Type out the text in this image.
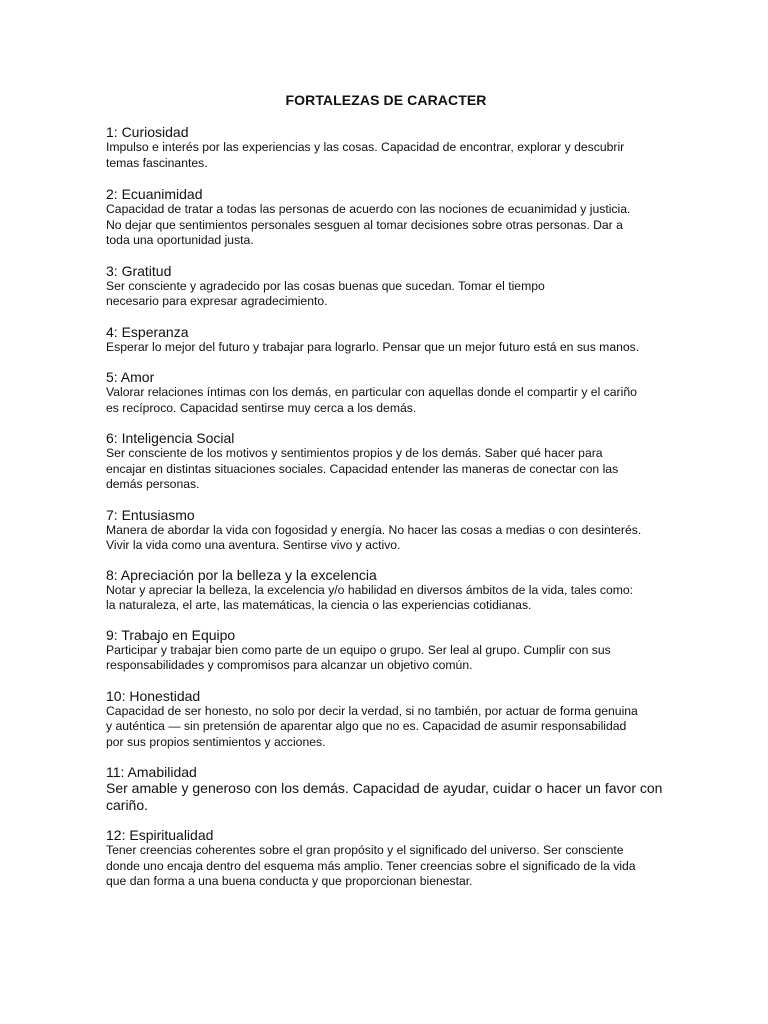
FORTALEZAS DE CARACTER
1: Curiosidad
Impulso e interés por las experiencias y las cosas. Capacidad de encontrar, explorar y descubrir
temas fascinantes.
2: Ecuanimidad
Capacidad de tratar a todas las personas de acuerdo con las nociones de ecuanimidad y justicia.
No dejar que sentimientos personales sesguen al tomar decisiones sobre otras personas. Dar a
toda una oportunidad justa.
3: Gratitud
Ser consciente y agradecido por las cosas buenas que sucedan. Tomar el tiempo
necesario para expresar agradecimiento.
4: Esperanza
Esperar lo mejor del futuro y trabajar para lograrlo. Pensar que un mejor futuro está en sus manos.
5: Amor
Valorar relaciones íntimas con los demás, en particular con aquellas donde el compartir y el cariño
es recíproco. Capacidad sentirse muy cerca a los demás.
6: Inteligencia Social
Ser consciente de los motivos y sentimientos propios y de los demás. Saber qué hacer para
encajar en distintas situaciones sociales. Capacidad entender las maneras de conectar con las
demás personas.
7: Entusiasmo
Manera de abordar la vida con fogosidad y energía. No hacer las cosas a medias o con desinterés.
Vivir la vida como una aventura. Sentirse vivo y activo.
8: Apreciación por la belleza y la excelencia
Notar y apreciar la belleza, la excelencia y/o habilidad en diversos ámbitos de la vida, tales como:
la naturaleza, el arte, las matemáticas, la ciencia o las experiencias cotidianas.
9: Trabajo en Equipo
Participar y trabajar bien como parte de un equipo o grupo. Ser leal al grupo. Cumplir con sus
responsabilidades y compromisos para alcanzar un objetivo común.
10: Honestidad
Capacidad de ser honesto, no solo por decir la verdad, si no también, por actuar de forma genuina
y auténtica — sin pretensión de aparentar algo que no es. Capacidad de asumir responsabilidad
por sus propios sentimientos y acciones.
11: Amabilidad
Ser amable y generoso con los demás. Capacidad de ayudar, cuidar o hacer un favor con
cariño.
12: Espiritualidad
Tener creencias coherentes sobre el gran propósito y el significado del universo. Ser consciente
donde uno encaja dentro del esquema más amplio. Tener creencias sobre el significado de la vida
que dan forma a una buena conducta y que proporcionan bienestar.
